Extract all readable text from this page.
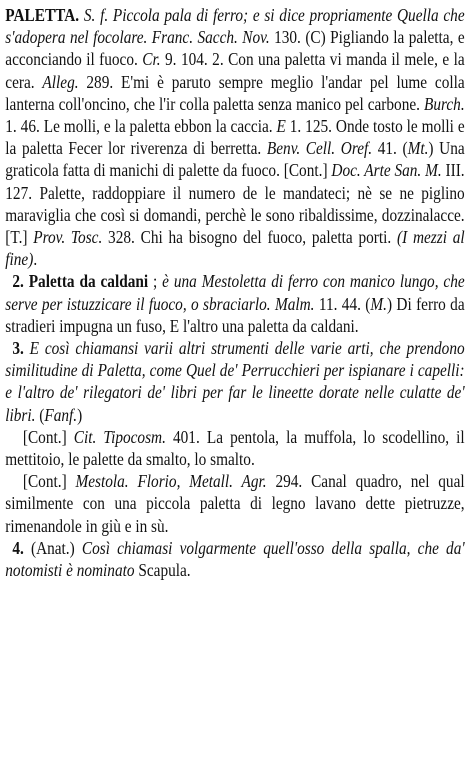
PALETTA. S. f. Piccola pala di ferro; e si dice propriamente Quella che s'adopera nel focolare. Franc. Sacch. Nov. 130. (C) Pigliando la paletta, e acconciando il fuoco. Cr. 9. 104. 2. Con una paletta vi manda il mele, e la cera. Alleg. 289. E'mi è paruto sempre meglio l'andar pel lume colla lanterna coll'oncino, che l'ir colla paletta senza manico pel carbone. Burch. 1. 46. Le molli, e la paletta ebbon la caccia. E 1. 125. Onde tosto le molli e la paletta Fecer lor riverenza di berretta. Benv. Cell. Oref. 41. (Mt.) Una graticola fatta di manichi di palette da fuoco. [Cont.] Doc. Arte San. M. III. 127. Palette, raddoppiare il numero de le mandateci; nè se ne piglino maraviglia che così si domandi, perchè le sono ribaldissime, dozzinalacce. [T.] Prov. Tosc. 328. Chi ha bisogno del fuoco, paletta porti. (I mezzi al fine).

2. Paletta da caldani ; è una Mestoletta di ferro con manico lungo, che serve per istuzzicare il fuoco, o sbraciarlo. Malm. 11. 44. (M.) Di ferro da stradieri impugna un fuso, E l'altro una paletta da caldani.

3. E così chiamansi varii altri strumenti delle varie arti, che prendono similitudine di Paletta, come Quel de' Perrucchieri per ispianare i capelli: e l'altro de' rilegatori de' libri per far le lineette dorate nelle culatte de' libri. (Fanf.)

[Cont.] Cit. Tipocosm. 401. La pentola, la muffola, lo scodellino, il mettitoio, le palette da smalto, lo smalto.

[Cont.] Mestola. Florio, Metall. Agr. 294. Canal quadro, nel qual similmente con una piccola paletta di legno lavano dette pietruzze, rimenandole in giù e in sù.

4. (Anat.) Così chiamasi volgarmente quell'osso della spalla, che da' notomisti è nominato Scapula.
